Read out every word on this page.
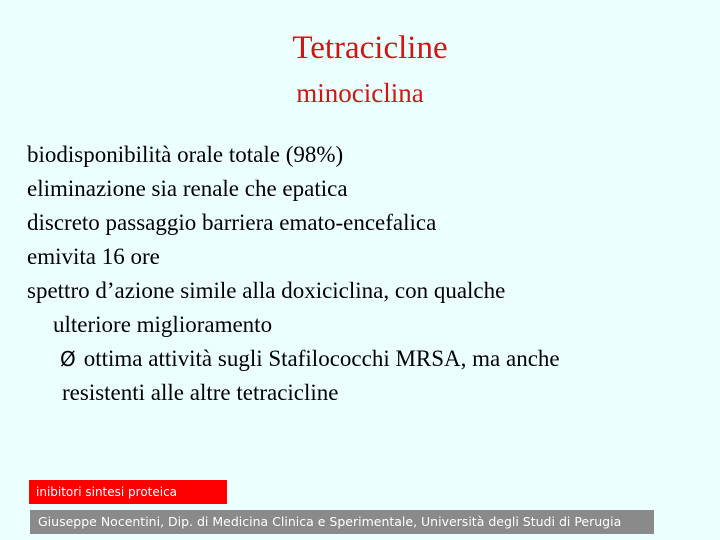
Tetracicline
minociclina
biodisponibilità orale totale (98%)
eliminazione sia renale che epatica
discreto passaggio barriera emato-encefalica
emivita 16 ore
spettro d’azione simile alla doxiciclina, con qualche
ulteriore miglioramento
Ø ottima attività sugli Stafilococchi MRSA, ma anche
resistenti alle altre tetracicline
inibitori sintesi proteica
Giuseppe Nocentini, Dip. di Medicina Clinica e Sperimentale, Università degli Studi di Perugia
